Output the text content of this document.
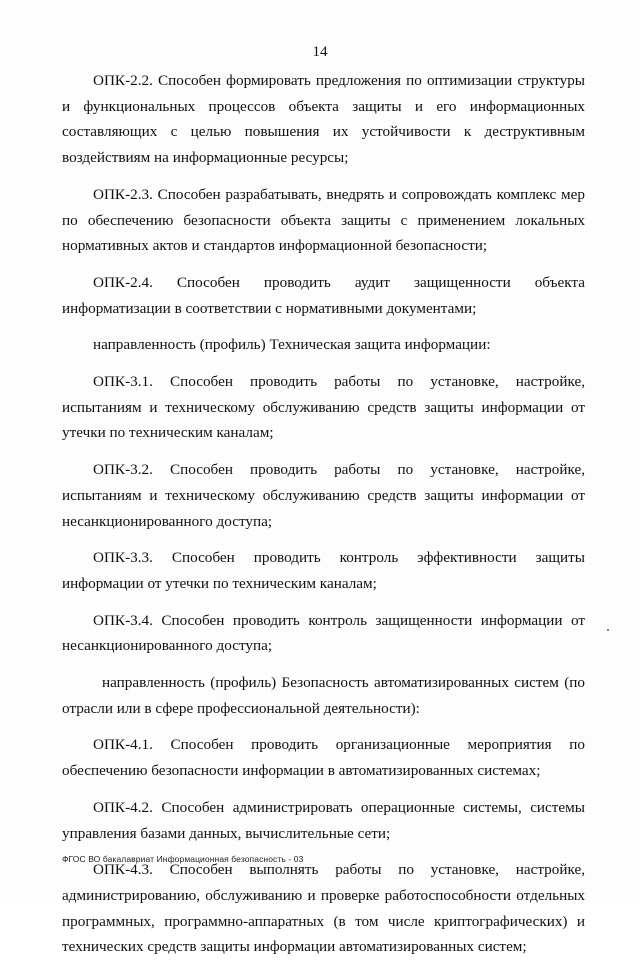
14

ОПК-2.2. Способен формировать предложения по оптимизации структуры и функциональных процессов объекта защиты и его информационных составляющих с целью повышения их устойчивости к деструктивным воздействиям на информационные ресурсы;

ОПК-2.3. Способен разрабатывать, внедрять и сопровождать комплекс мер по обеспечению безопасности объекта защиты с применением локальных нормативных актов и стандартов информационной безопасности;

ОПК-2.4. Способен проводить аудит защищенности объекта информатизации в соответствии с нормативными документами;

направленность (профиль) Техническая защита информации:

ОПК-3.1. Способен проводить работы по установке, настройке, испытаниям и техническому обслуживанию средств защиты информации от утечки по техническим каналам;

ОПК-3.2. Способен проводить работы по установке, настройке, испытаниям и техническому обслуживанию средств защиты информации от несанкционированного доступа;

ОПК-3.3. Способен проводить контроль эффективности защиты информации от утечки по техническим каналам;

ОПК-3.4. Способен проводить контроль защищенности информации от несанкционированного доступа;

направленность (профиль) Безопасность автоматизированных систем (по отрасли или в сфере профессиональной деятельности):

ОПК-4.1. Способен проводить организационные мероприятия по обеспечению безопасности информации в автоматизированных системах;

ОПК-4.2. Способен администрировать операционные системы, системы управления базами данных, вычислительные сети;

ОПК-4.3. Способен выполнять работы по установке, настройке, администрированию, обслуживанию и проверке работоспособности отдельных программных, программно-аппаратных (в том числе криптографических) и технических средств защиты информации автоматизированных систем;

ФГОС ВО бакалавриат Информационная безопасность - 03
